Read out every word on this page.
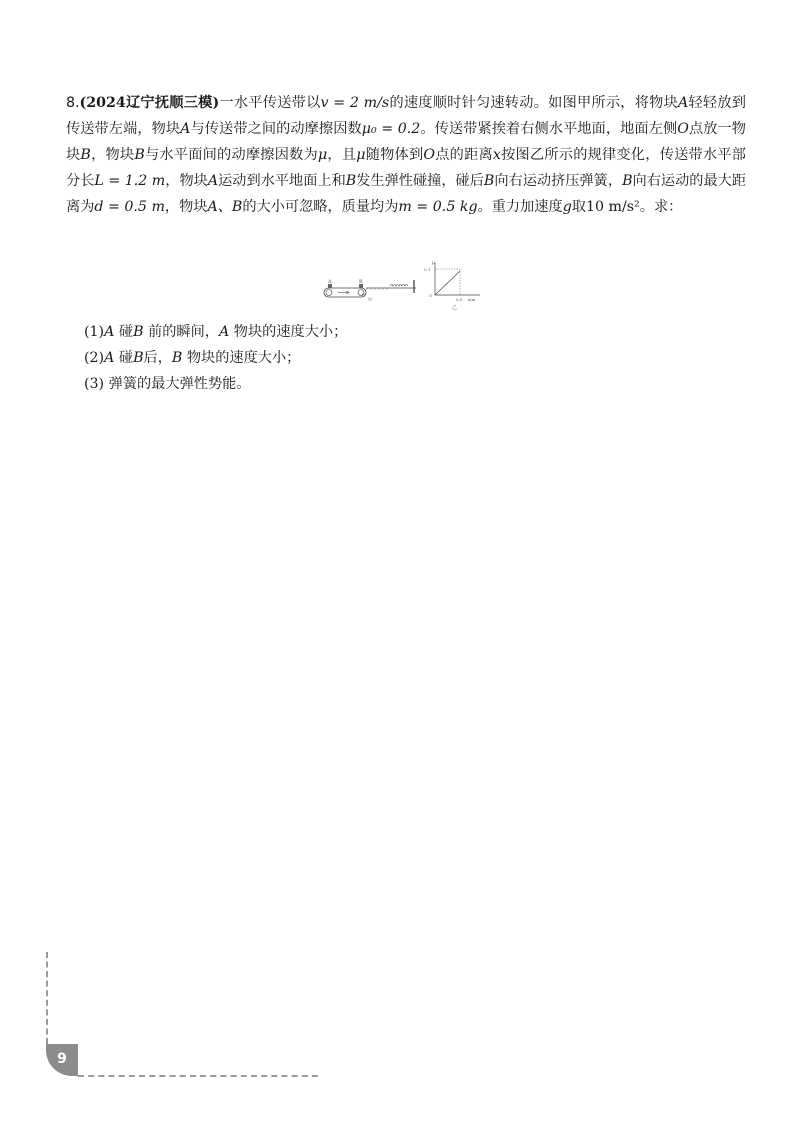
8.(2024辽宁抚顺三模)一水平传送带以v = 2 m/s的速度顺时针匀速转动。如图甲所示，将物块A轻轻放到传送带左端，物块A与传送带之间的动摩擦因数μ₀ = 0.2。传送带紧挨着右侧水平地面，地面左侧O点放一物块B，物块B与水平面间的动摩擦因数为μ，且μ随物体到O点的距离x按图乙所示的规律变化，传送带水平部分长L = 1.2 m，物块A运动到水平地面上和B发生弹性碰撞，碰后B向右运动挤压弹簧，B向右运动的最大距离为d = 0.5 m，物块A、B的大小可忽略，质量均为m = 0.5 kg。重力加速度g取10 m/s²。求：

A	B
O
甲
μ
0.1
O
0.5 x/m
乙

(1)A 碰B 前的瞬间，A 物块的速度大小；

(2)A 碰B后，B 物块的速度大小；

(3) 弹簧的最大弹性势能。

9
